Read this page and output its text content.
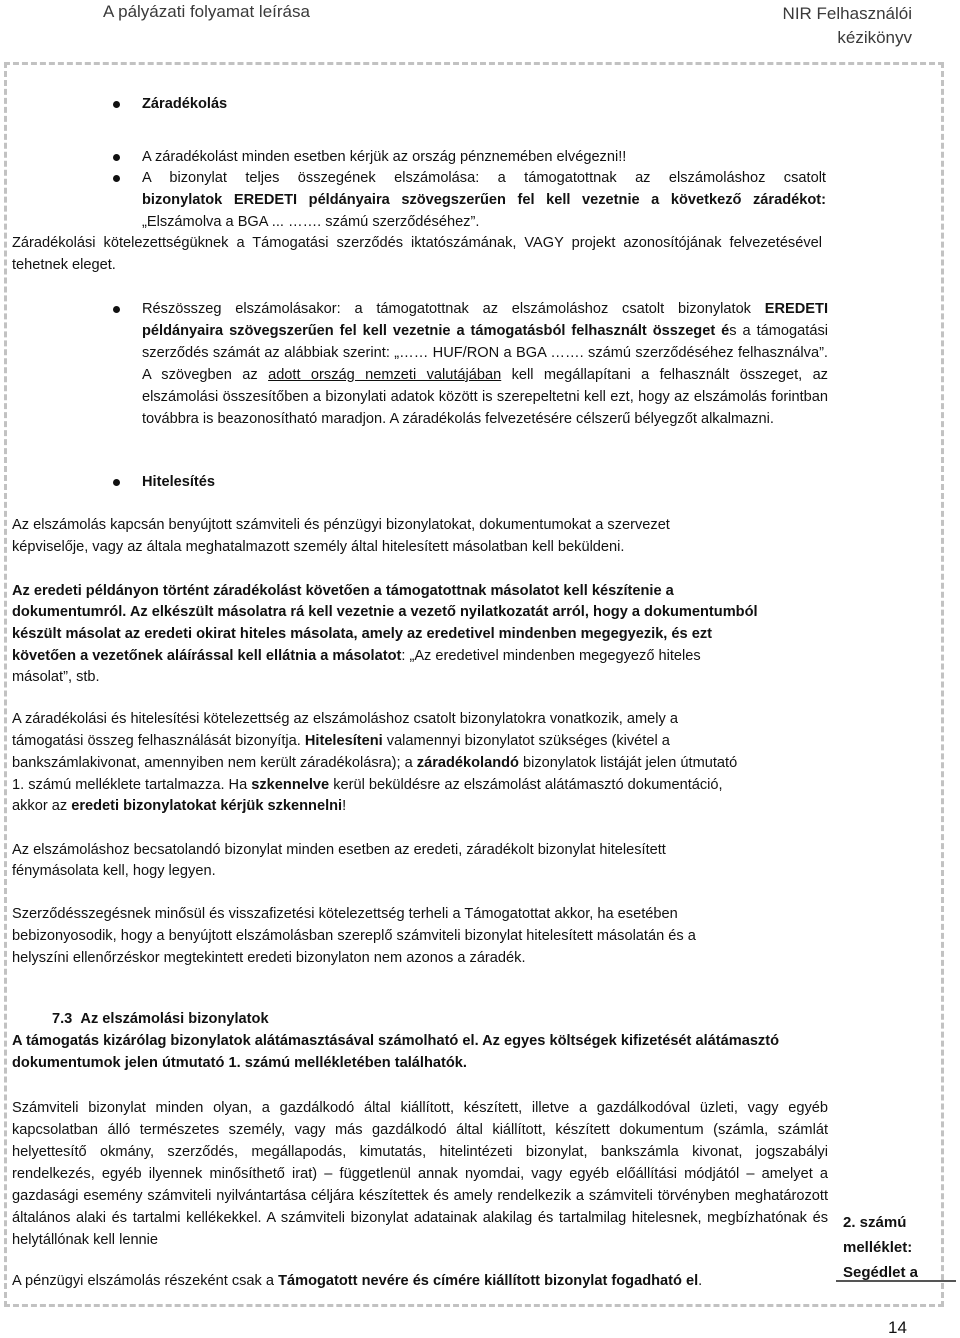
A pályázati folyamat leírása	NIR Felhasználói
kézikönyv
Záradékolás
A záradékolást minden esetben kérjük az ország pénznemében elvégezni!!
A bizonylat teljes összegének elszámolása: a támogatottnak az elszámoláshoz csatolt
bizonylatok EREDETI példányaira szövegszerűen fel kell vezetnie a következő záradékot:
„Elszámolva a BGA ... ……. számú szerződéséhez”.
Záradékolási kötelezettségüknek a Támogatási szerződés iktatószámának, VAGY projekt azonosítójának felvezetésével tehetnek eleget.
Részösszeg elszámolásakor: a támogatottnak az elszámoláshoz csatolt bizonylatok EREDETI példányaira szövegszerűen fel kell vezetnie a támogatásból felhasznált összeget és a támogatási szerződés számát az alábbiak szerint: „…… HUF/RON a BGA ……. számú szerződéséhez felhasználva”. A szövegben az adott ország nemzeti valutájában kell megállapítani a felhasznált összeget, az elszámolási összesítőben a bizonylati adatok között is szerepeltetni kell ezt, hogy az elszámolás forintban továbbra is beazonosítható maradjon. A záradékolás felvezetésére célszerű bélyegzőt alkalmazni.
Hitelesítés
Az elszámolás kapcsán benyújtott számviteli és pénzügyi bizonylatokat, dokumentumokat a szervezet
képviselője, vagy az általa meghatalmazott személy által hitelesített másolatban kell beküldeni.
Az eredeti példányon történt záradékolást követően a támogatottnak másolatot kell készítenie a
dokumentumról. Az elkészült másolatra rá kell vezetnie a vezető nyilatkozatát arról, hogy a dokumentumból
készült másolat az eredeti okirat hiteles másolata, amely az eredetivel mindenben megegyezik, és ezt
követően a vezetőnek aláírással kell ellátnia a másolatot: „Az eredetivel mindenben megegyező hiteles
másolat”, stb.
A záradékolási és hitelesítési kötelezettség az elszámoláshoz csatolt bizonylatokra vonatkozik, amely a
támogatási összeg felhasználását bizonyítja. Hitelesíteni valamennyi bizonylatot szükséges (kivétel a
bankszámlakivonat, amennyiben nem került záradékolásra); a záradékolandó bizonylatok listáját jelen útmutató
1. számú melléklete tartalmazza. Ha szkennelve kerül beküldésre az elszámolást alátámasztó dokumentáció,
akkor az eredeti bizonylatokat kérjük szkennelni!
Az elszámoláshoz becsatolandó bizonylat minden esetben az eredeti, záradékolt bizonylat hitelesített
fénymásolata kell, hogy legyen.
Szerződésszegésnek minősül és visszafizetési kötelezettség terheli a Támogatottat akkor, ha esetében
bebizonyosodik, hogy a benyújtott elszámolásban szereplő számviteli bizonylat hitelesített másolatán és a
helyszíni ellenőrzéskor megtekintett eredeti bizonylaton nem azonos a záradék.
7.3 Az elszámolási bizonylatok
A támogatás kizárólag bizonylatok alátámasztásával számolható el. Az egyes költségek kifizetését alátámasztó
dokumentumok jelen útmutató 1. számú mellékletében találhatók.
Számviteli bizonylat minden olyan, a gazdálkodó által kiállított, készített, illetve a gazdálkodóval üzleti, vagy egyéb kapcsolatban álló természetes személy, vagy más gazdálkodó által kiállított, készített dokumentum (számla, számlát helyettesítő okmány, szerződés, megállapodás, kimutatás, hitelintézeti bizonylat, bankszámla kivonat, jogszabályi rendelkezés, egyéb ilyennek minősíthető irat) – függetlenül annak nyomdai, vagy egyéb előállítási módjától – amelyet a gazdasági esemény számviteli nyilvántartása céljára készítettek és amely rendelkezik a számviteli törvényben meghatározott általános alaki és tartalmi kellékekkel. A számviteli bizonylat adatainak alakilag és tartalmilag hitelesnek, megbízhatónak és helytállónak kell lennie
A pénzügyi elszámolás részeként csak a Támogatott nevére és címére kiállított bizonylat fogadható el.
2. számú
melléklet:
Segédlet a
14
